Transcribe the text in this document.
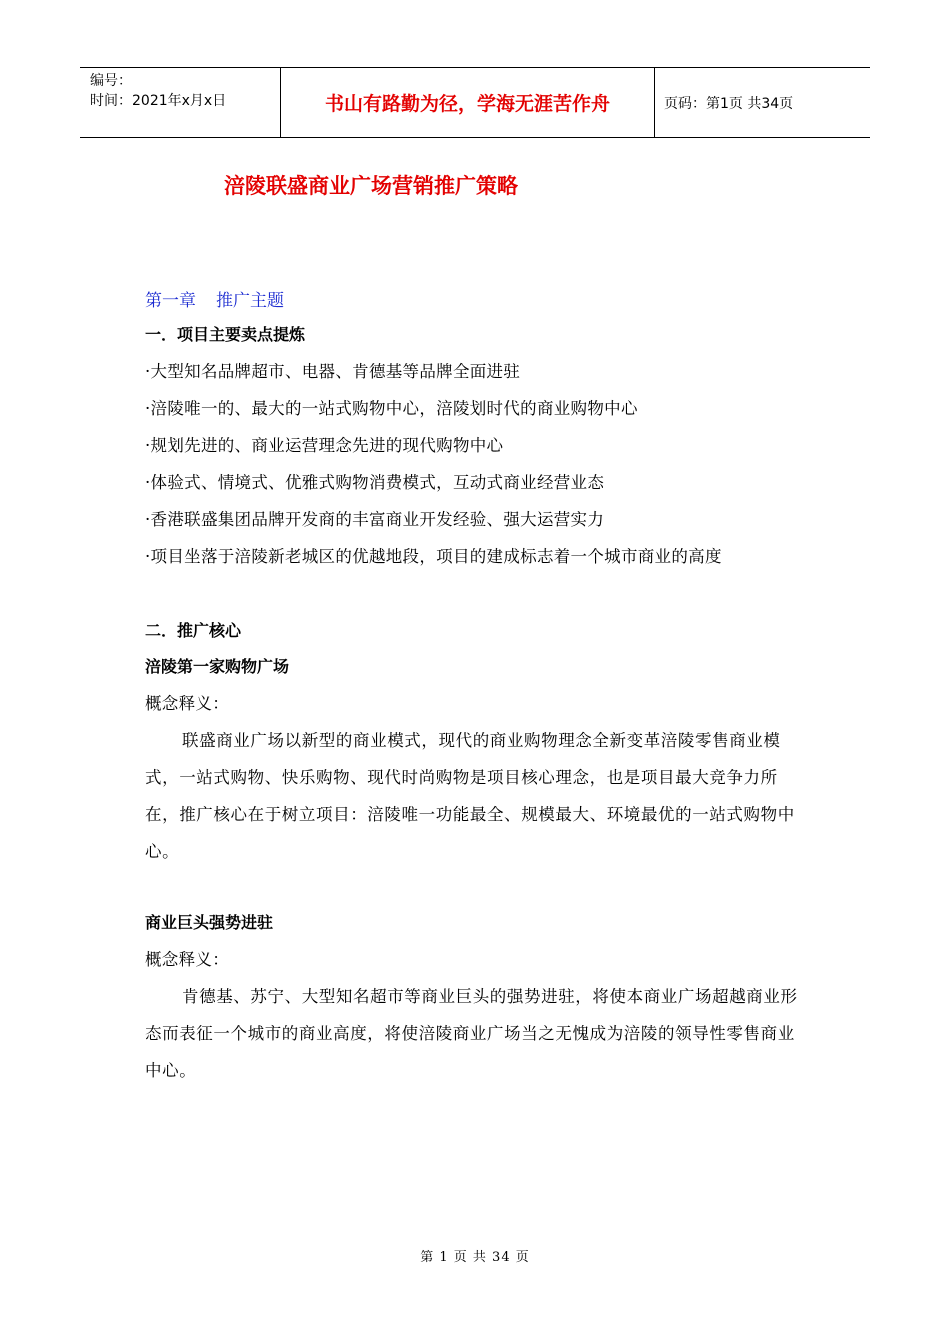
编号：
时间：2021年x月x日	书山有路勤为径，学海无涯苦作舟	页码：第1页 共34页
涪陵联盛商业广场营销推广策略
第一章 推广主题
一．项目主要卖点提炼
·大型知名品牌超市、电器、肯德基等品牌全面进驻
·涪陵唯一的、最大的一站式购物中心，涪陵划时代的商业购物中心
·规划先进的、商业运营理念先进的现代购物中心
·体验式、情境式、优雅式购物消费模式，互动式商业经营业态
·香港联盛集团品牌开发商的丰富商业开发经验、强大运营实力
·项目坐落于涪陵新老城区的优越地段，项目的建成标志着一个城市商业的高度
二．推广核心
涪陵第一家购物广场
概念释义：

联盛商业广场以新型的商业模式，现代的商业购物理念全新变革涪陵零售商业模式，一站式购物、快乐购物、现代时尚购物是项目核心理念，也是项目最大竞争力所在，推广核心在于树立项目：涪陵唯一功能最全、规模最大、环境最优的一站式购物中心。

商业巨头强势进驻
概念释义：

肯德基、苏宁、大型知名超市等商业巨头的强势进驻，将使本商业广场超越商业形态而表征一个城市的商业高度，将使涪陵商业广场当之无愧成为涪陵的领导性零售商业中心。

第 1 页 共 34 页
